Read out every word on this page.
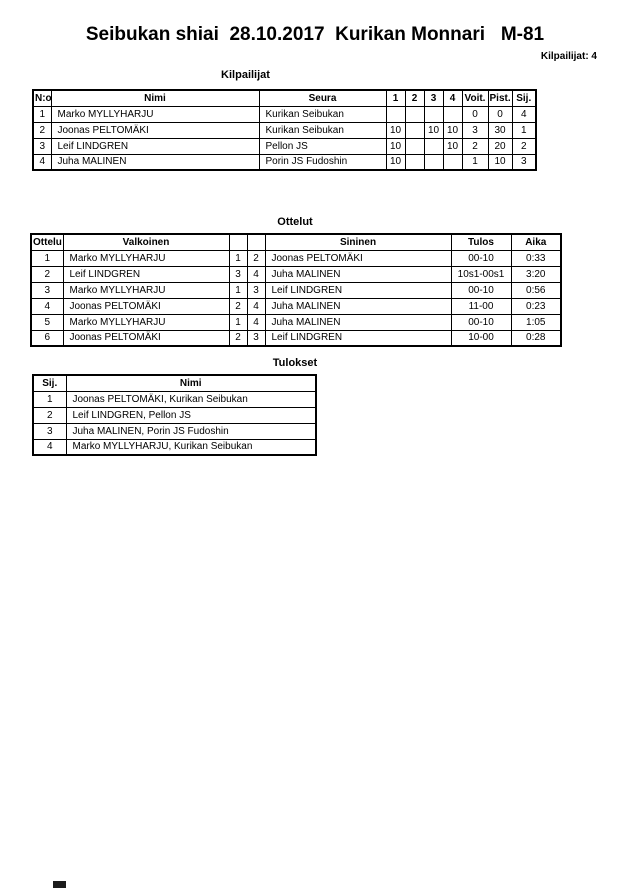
Seibukan shiai  28.10.2017  Kurikan Monnari   M-81
Kilpailijat: 4
Kilpailijat
N:o	Nimi	Seura	1	2	3	4	Voit.	Pist.	Sij.
1	Marko MYLLYHARJU	Kurikan Seibukan					0	0	4
2	Joonas PELTOMÄKI	Kurikan Seibukan	10		10	10	3	30	1
3	Leif LINDGREN	Pellon JS	10			10	2	20	2
4	Juha MALINEN	Porin JS Fudoshin	10				1	10	3
Ottelut
Ottelu	Valkoinen			Sininen	Tulos	Aika
1	Marko MYLLYHARJU	1	2	Joonas PELTOMÄKI	00-10	0:33
2	Leif LINDGREN	3	4	Juha MALINEN	10s1-00s1	3:20
3	Marko MYLLYHARJU	1	3	Leif LINDGREN	00-10	0:56
4	Joonas PELTOMÄKI	2	4	Juha MALINEN	11-00	0:23
5	Marko MYLLYHARJU	1	4	Juha MALINEN	00-10	1:05
6	Joonas PELTOMÄKI	2	3	Leif LINDGREN	10-00	0:28
Tulokset
Sij.	Nimi
1	Joonas PELTOMÄKI, Kurikan Seibukan
2	Leif LINDGREN, Pellon JS
3	Juha MALINEN, Porin JS Fudoshin
4	Marko MYLLYHARJU, Kurikan Seibukan
